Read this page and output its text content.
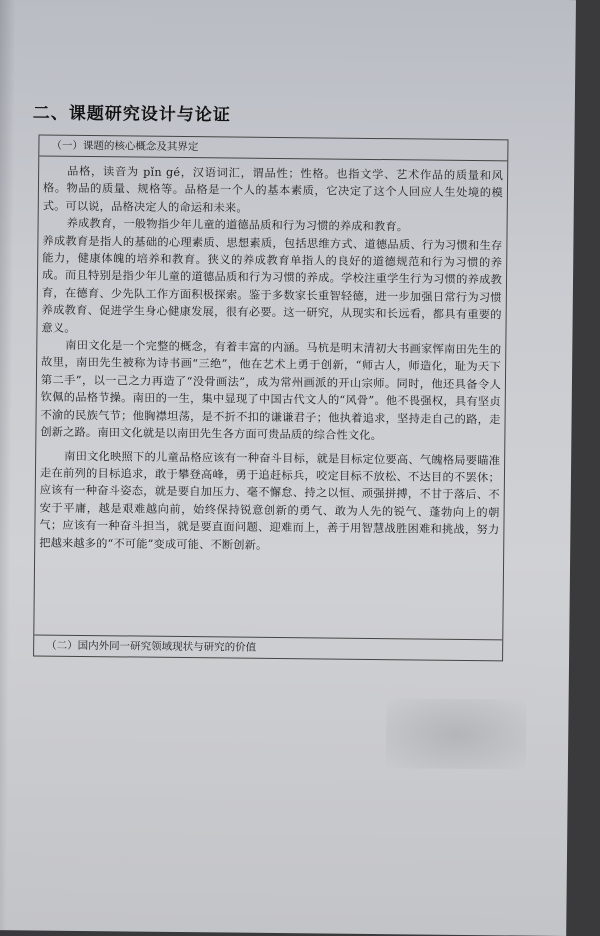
二、课题研究设计与论证
（一）课题的核心概念及其界定

品格，读音为 pǐn gé，汉语词汇，谓品性；性格。也指文学、艺术作品的质量和风格。物品的质量、规格等。品格是一个人的基本素质，它决定了这个人回应人生处境的模式。可以说，品格决定人的命运和未来。

养成教育，一般物指少年儿童的道德品质和行为习惯的养成和教育。

养成教育是指人的基础的心理素质、思想素质，包括思维方式、道德品质、行为习惯和生存能力，健康体魄的培养和教育。狭义的养成教育单指人的良好的道德规范和行为习惯的养成。而且特别是指少年儿童的道德品质和行为习惯的养成。学校注重学生行为习惯的养成教育，在德育、少先队工作方面积极探索。鉴于多数家长重智轻德，进一步加强日常行为习惯养成教育、促进学生身心健康发展，很有必要。这一研究，从现实和长远看，都具有重要的意义。

南田文化是一个完整的概念，有着丰富的内涵。马杭是明末清初大书画家恽南田先生的故里，南田先生被称为诗书画“三绝”，他在艺术上勇于创新，“师古人，师造化，耻为天下第二手”，以一己之力再造了“没骨画法”，成为常州画派的开山宗师。同时，他还具备令人钦佩的品格节操。南田的一生，集中显现了中国古代文人的“风骨”。他不畏强权，具有坚贞不渝的民族气节；他胸襟坦荡，是不折不扣的谦谦君子；他执着追求，坚持走自己的路，走创新之路。南田文化就是以南田先生各方面可贵品质的综合性文化。

南田文化映照下的儿童品格应该有一种奋斗目标，就是目标定位要高、气魄格局要瞄准走在前列的目标追求，敢于攀登高峰，勇于追赶标兵，咬定目标不放松、不达目的不罢休；应该有一种奋斗姿态，就是要自加压力、毫不懈怠、持之以恒、顽强拼搏，不甘于落后、不安于平庸，越是艰难越向前，始终保持锐意创新的勇气、敢为人先的锐气、蓬勃向上的朝气；应该有一种奋斗担当，就是要直面问题、迎难而上，善于用智慧战胜困难和挑战，努力把越来越多的“不可能”变成可能、不断创新。

（二）国内外同一研究领域现状与研究的价值
